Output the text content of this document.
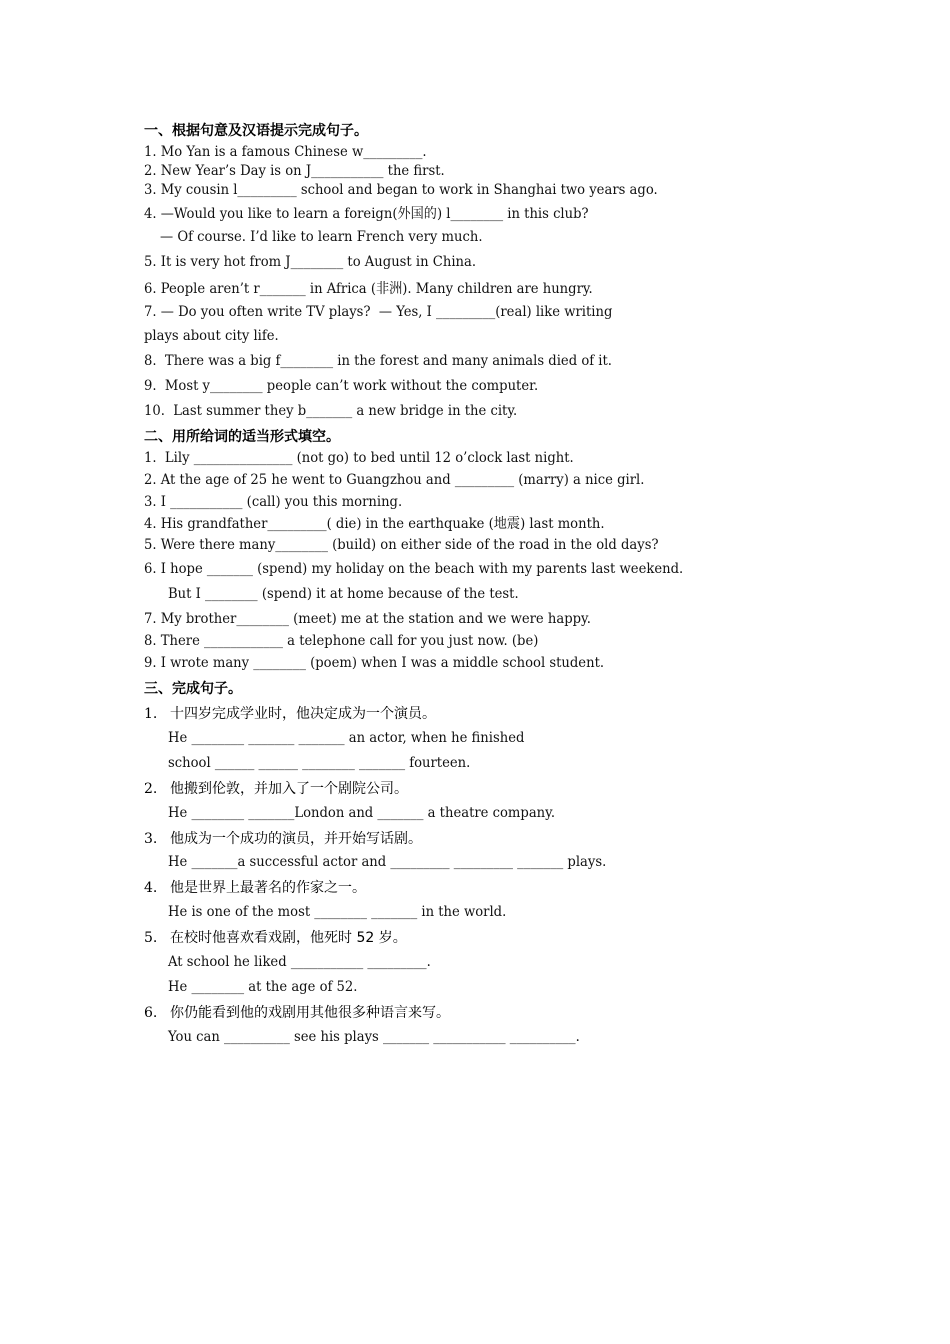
一、根据句意及汉语提示完成句子。
1. Mo Yan is a famous Chinese w_________.
2. New Year’s Day is on J___________ the first.
3. My cousin l_________ school and began to work in Shanghai two years ago.
4. —Would you like to learn a foreign(外国的) l________ in this club?
— Of course. I’d like to learn French very much.
5. It is very hot from J________ to August in China.
6. People aren’t r_______ in Africa (非洲). Many children are hungry.
7. — Do you often write TV plays?  — Yes, I _________(real) like writing
plays about city life.
8.  There was a big f________ in the forest and many animals died of it.
9.  Most y________ people can’t work without the computer.
10.  Last summer they b_______ a new bridge in the city.
二、用所给词的适当形式填空。
1.  Lily _______________ (not go) to bed until 12 o’clock last night.
2. At the age of 25 he went to Guangzhou and _________ (marry) a nice girl.
3. I ___________ (call) you this morning.
4. His grandfather_________( die) in the earthquake (地震) last month.
5. Were there many________ (build) on either side of the road in the old days?
6. I hope _______ (spend) my holiday on the beach with my parents last weekend.
But I ________ (spend) it at home because of the test.
7. My brother________ (meet) me at the station and we were happy.
8. There ____________ a telephone call for you just now. (be)
9. I wrote many ________ (poem) when I was a middle school student.
三、完成句子。
1. 十四岁完成学业时，他决定成为一个演员。
He ________ _______ _______ an actor, when he finished
school ______ ______ ________ _______ fourteen.
2. 他搬到伦敦，并加入了一个剧院公司。
He ________ _______London and _______ a theatre company.
3. 他成为一个成功的演员，并开始写话剧。
He _______a successful actor and _________ _________ _______ plays.
4. 他是世界上最著名的作家之一。
He is one of the most ________ _______ in the world.
5. 在校时他喜欢看戏剧，他死时 52 岁。
At school he liked ___________ _________.
He ________ at the age of 52.
6. 你仍能看到他的戏剧用其他很多种语言来写。
You can __________ see his plays _______ ___________ __________.
